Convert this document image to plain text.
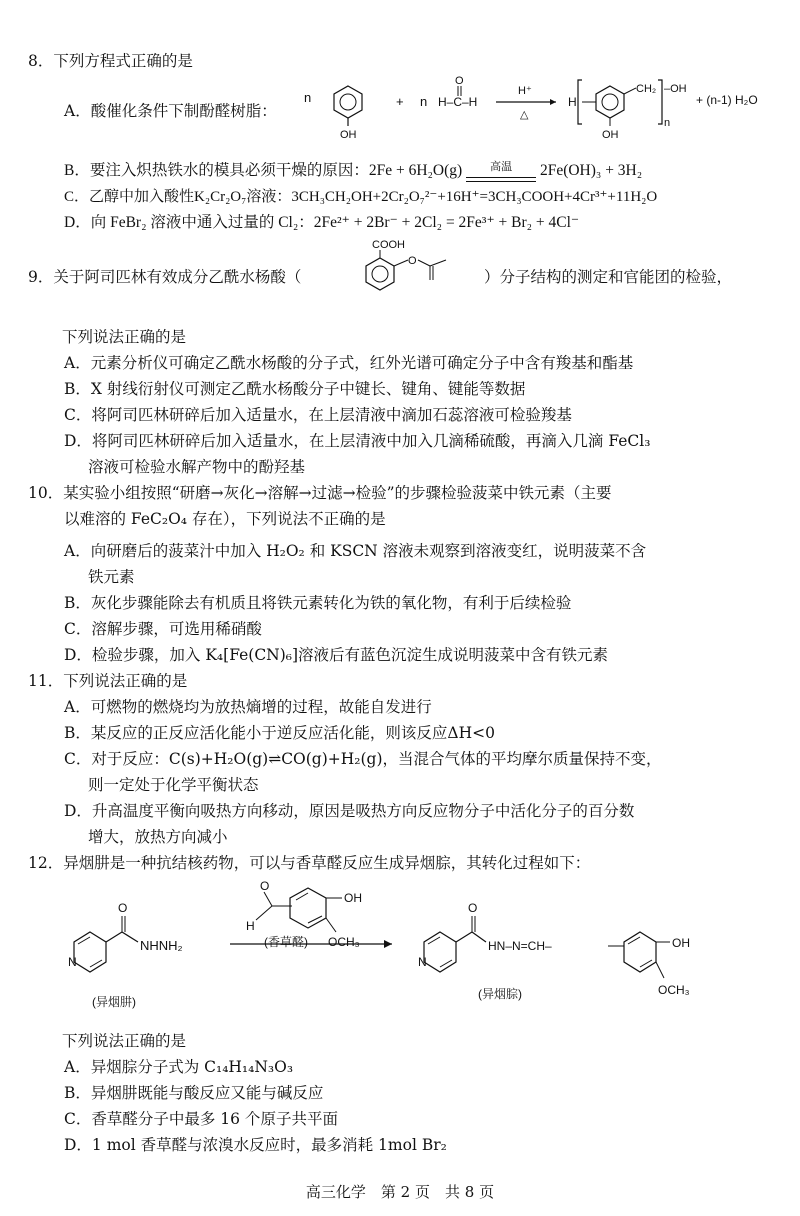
8．下列方程式正确的是
A．酸催化条件下制酚醛树脂：
n
OH
+ n H–C–H
O
H⁺
△
H
CH₂ –OH
n
OH
+ (n-1) H₂O
B．要注入炽热铁水的模具必须干燥的原因：2Fe + 6H₂O(g)	高温	2Fe(OH)₃ + 3H₂
C．乙醇中加入酸性K₂Cr₂O₇溶液：3CH₃CH₂OH+2Cr₂O₇²⁻+16H⁺=3CH₃COOH+4Cr³⁺+11H₂O
D．向 FeBr₂ 溶液中通入过量的 Cl₂：2Fe²⁺ + 2Br⁻ + 2Cl₂ = 2Fe³⁺ + Br₂ + 4Cl⁻
9．关于阿司匹林有效成分乙酰水杨酸（
COOH
O
）分子结构的测定和官能团的检验，
下列说法正确的是
A．元素分析仪可确定乙酰水杨酸的分子式，红外光谱可确定分子中含有羧基和酯基
B．X 射线衍射仪可测定乙酰水杨酸分子中键长、键角、键能等数据
C．将阿司匹林研碎后加入适量水，在上层清液中滴加石蕊溶液可检验羧基
D．将阿司匹林研碎后加入适量水，在上层清液中加入几滴稀硫酸，再滴入几滴 FeCl₃
溶液可检验水解产物中的酚羟基
10．某实验小组按照“研磨→灰化→溶解→过滤→检验”的步骤检验菠菜中铁元素（主要
以难溶的 FeC₂O₄ 存在），下列说法不正确的是
A．向研磨后的菠菜汁中加入 H₂O₂ 和 KSCN 溶液未观察到溶液变红，说明菠菜不含
铁元素
B．灰化步骤能除去有机质且将铁元素转化为铁的氧化物，有利于后续检验
C．溶解步骤，可选用稀硝酸
D．检验步骤，加入 K₄[Fe(CN)₆]溶液后有蓝色沉淀生成说明菠菜中含有铁元素
11．下列说法正确的是
A．可燃物的燃烧均为放热熵增的过程，故能自发进行
B．某反应的正反应活化能小于逆反应活化能，则该反应ΔH<0
C．对于反应：C(s)+H₂O(g)⇌CO(g)+H₂(g)，当混合气体的平均摩尔质量保持不变，
则一定处于化学平衡状态
D．升高温度平衡向吸热方向移动，原因是吸热方向反应物分子中活化分子的百分数
增大，放热方向减小
12．异烟肼是一种抗结核药物，可以与香草醛反应生成异烟腙，其转化过程如下：
N
O
NHNH₂
(异烟肼)
O
H
OH
OCH₃
(香草醛)
N
O
HN–N=CH–	OH
OCH₃
(异烟腙)
下列说法正确的是
A．异烟腙分子式为 C₁₄H₁₄N₃O₃
B．异烟肼既能与酸反应又能与碱反应
C．香草醛分子中最多 16 个原子共平面
D．1 mol 香草醛与浓溴水反应时，最多消耗 1mol Br₂
高三化学　第 2 页　共 8 页
